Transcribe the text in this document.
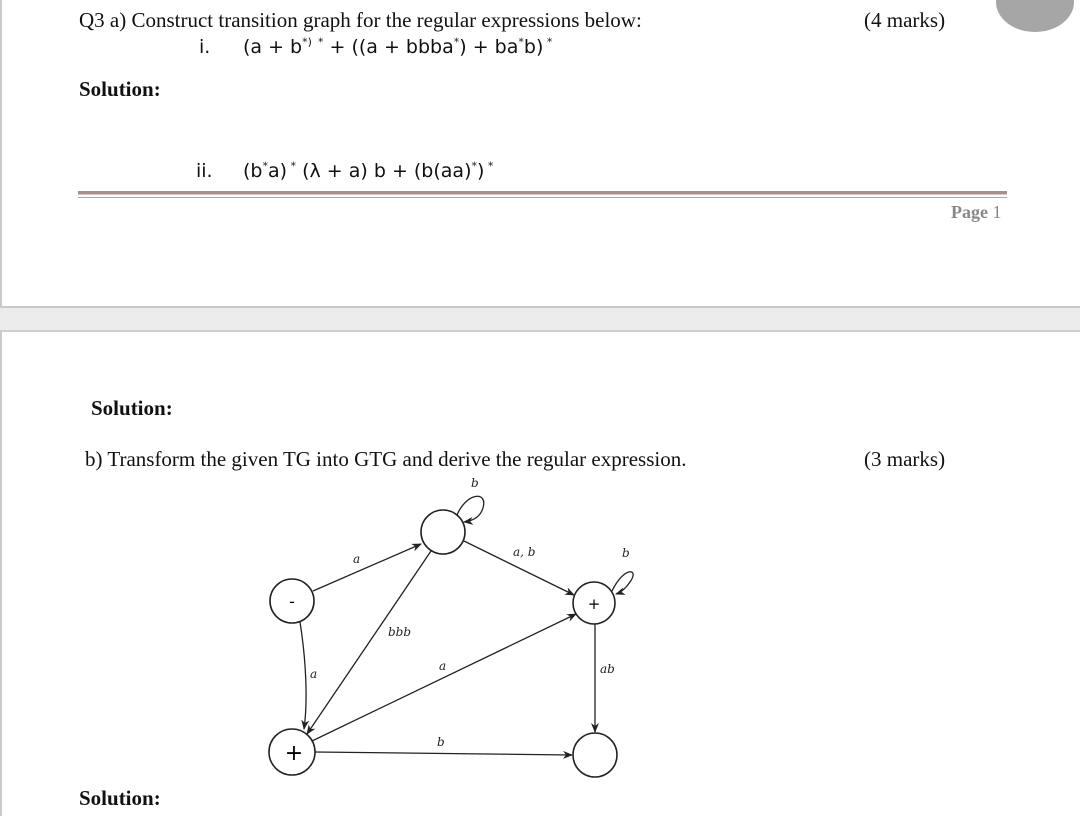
Q3 a) Construct transition graph for the regular expressions below:	(4 marks)
i. (a + b*) * + ((a + bbba*) + ba*b) *
Solution:
ii. (b*a) * (λ + a) b + (b(aa)*) *
Page 1
Solution:
b) Transform the given TG into GTG and derive the regular expression.	(3 marks)
Solution:
-	+
+
b
a	a, b	b
bbb
a
a	ab
b
